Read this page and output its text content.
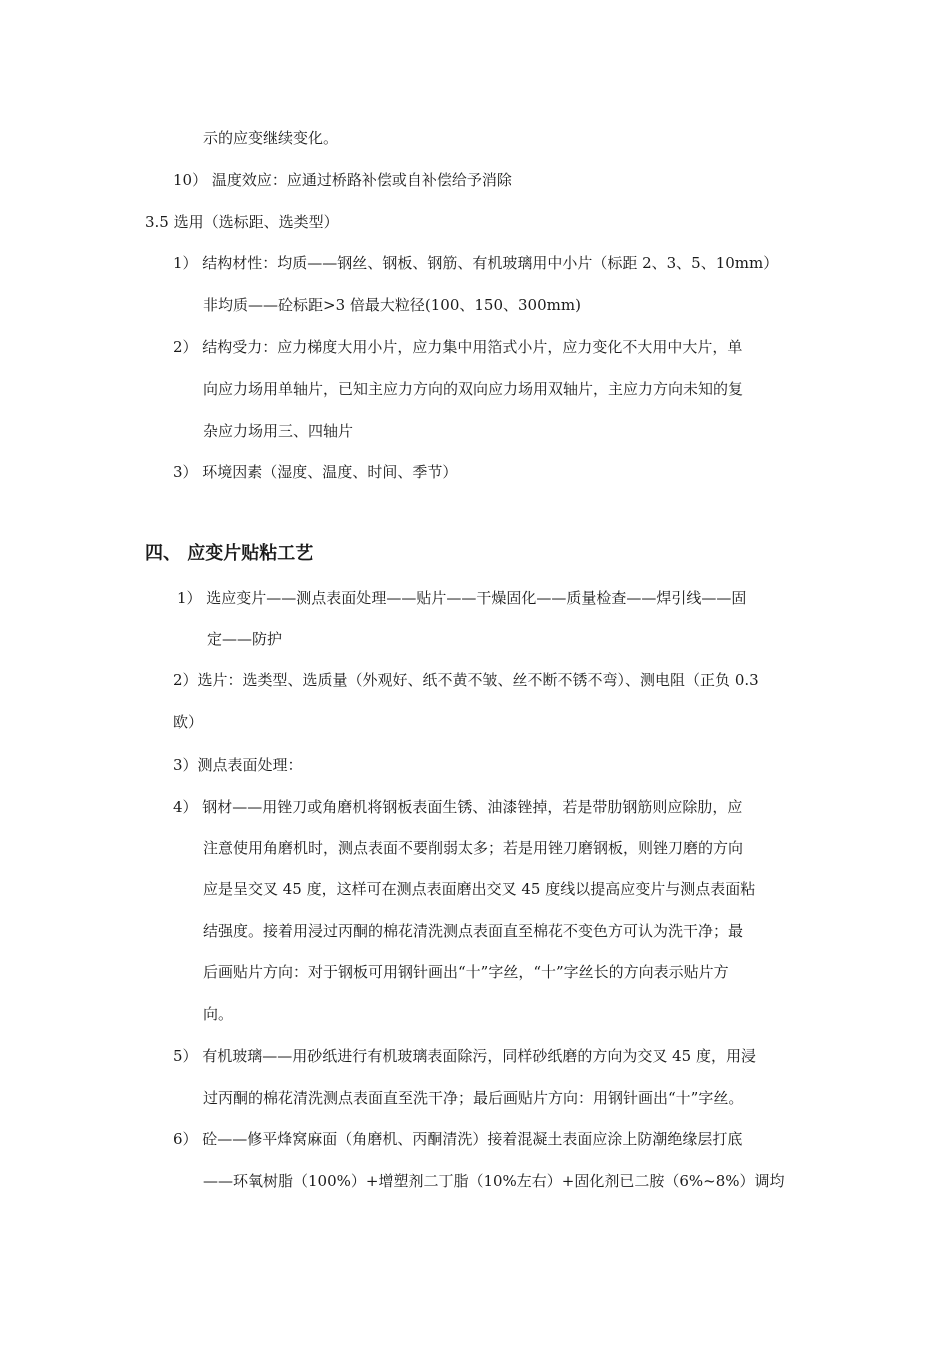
示的应变继续变化。
10） 温度效应：应通过桥路补偿或自补偿给予消除
3.5 选用（选标距、选类型）
1） 结构材性：均质——钢丝、钢板、钢筋、有机玻璃用中小片（标距 2、3、5、10mm）
非均质——砼标距>3 倍最大粒径(100、150、300mm)
2） 结构受力：应力梯度大用小片，应力集中用箔式小片，应力变化不大用中大片，单
向应力场用单轴片，已知主应力方向的双向应力场用双轴片，主应力方向未知的复
杂应力场用三、四轴片
3） 环境因素（湿度、温度、时间、季节）
四、 应变片贴粘工艺
1） 选应变片——测点表面处理——贴片——干燥固化——质量检查——焊引线——固
定——防护
2）选片：选类型、选质量（外观好、纸不黄不皱、丝不断不锈不弯）、测电阻（正负 0.3
欧）
3）测点表面处理：
4） 钢材——用锉刀或角磨机将钢板表面生锈、油漆锉掉，若是带肋钢筋则应除肋，应
注意使用角磨机时，测点表面不要削弱太多；若是用锉刀磨钢板，则锉刀磨的方向
应是呈交叉 45 度，这样可在测点表面磨出交叉 45 度线以提高应变片与测点表面粘
结强度。接着用浸过丙酮的棉花清洗测点表面直至棉花不变色方可认为洗干净；最
后画贴片方向：对于钢板可用钢针画出“十”字丝，“十”字丝长的方向表示贴片方
向。
5） 有机玻璃——用砂纸进行有机玻璃表面除污，同样砂纸磨的方向为交叉 45 度，用浸
过丙酮的棉花清洗测点表面直至洗干净；最后画贴片方向：用钢针画出“十”字丝。
6） 砼——修平烽窝麻面（角磨机、丙酮清洗）接着混凝土表面应涂上防潮绝缘层打底
——环氧树脂（100%）+增塑剂二丁脂（10%左右）+固化剂已二胺（6%~8%）调均
